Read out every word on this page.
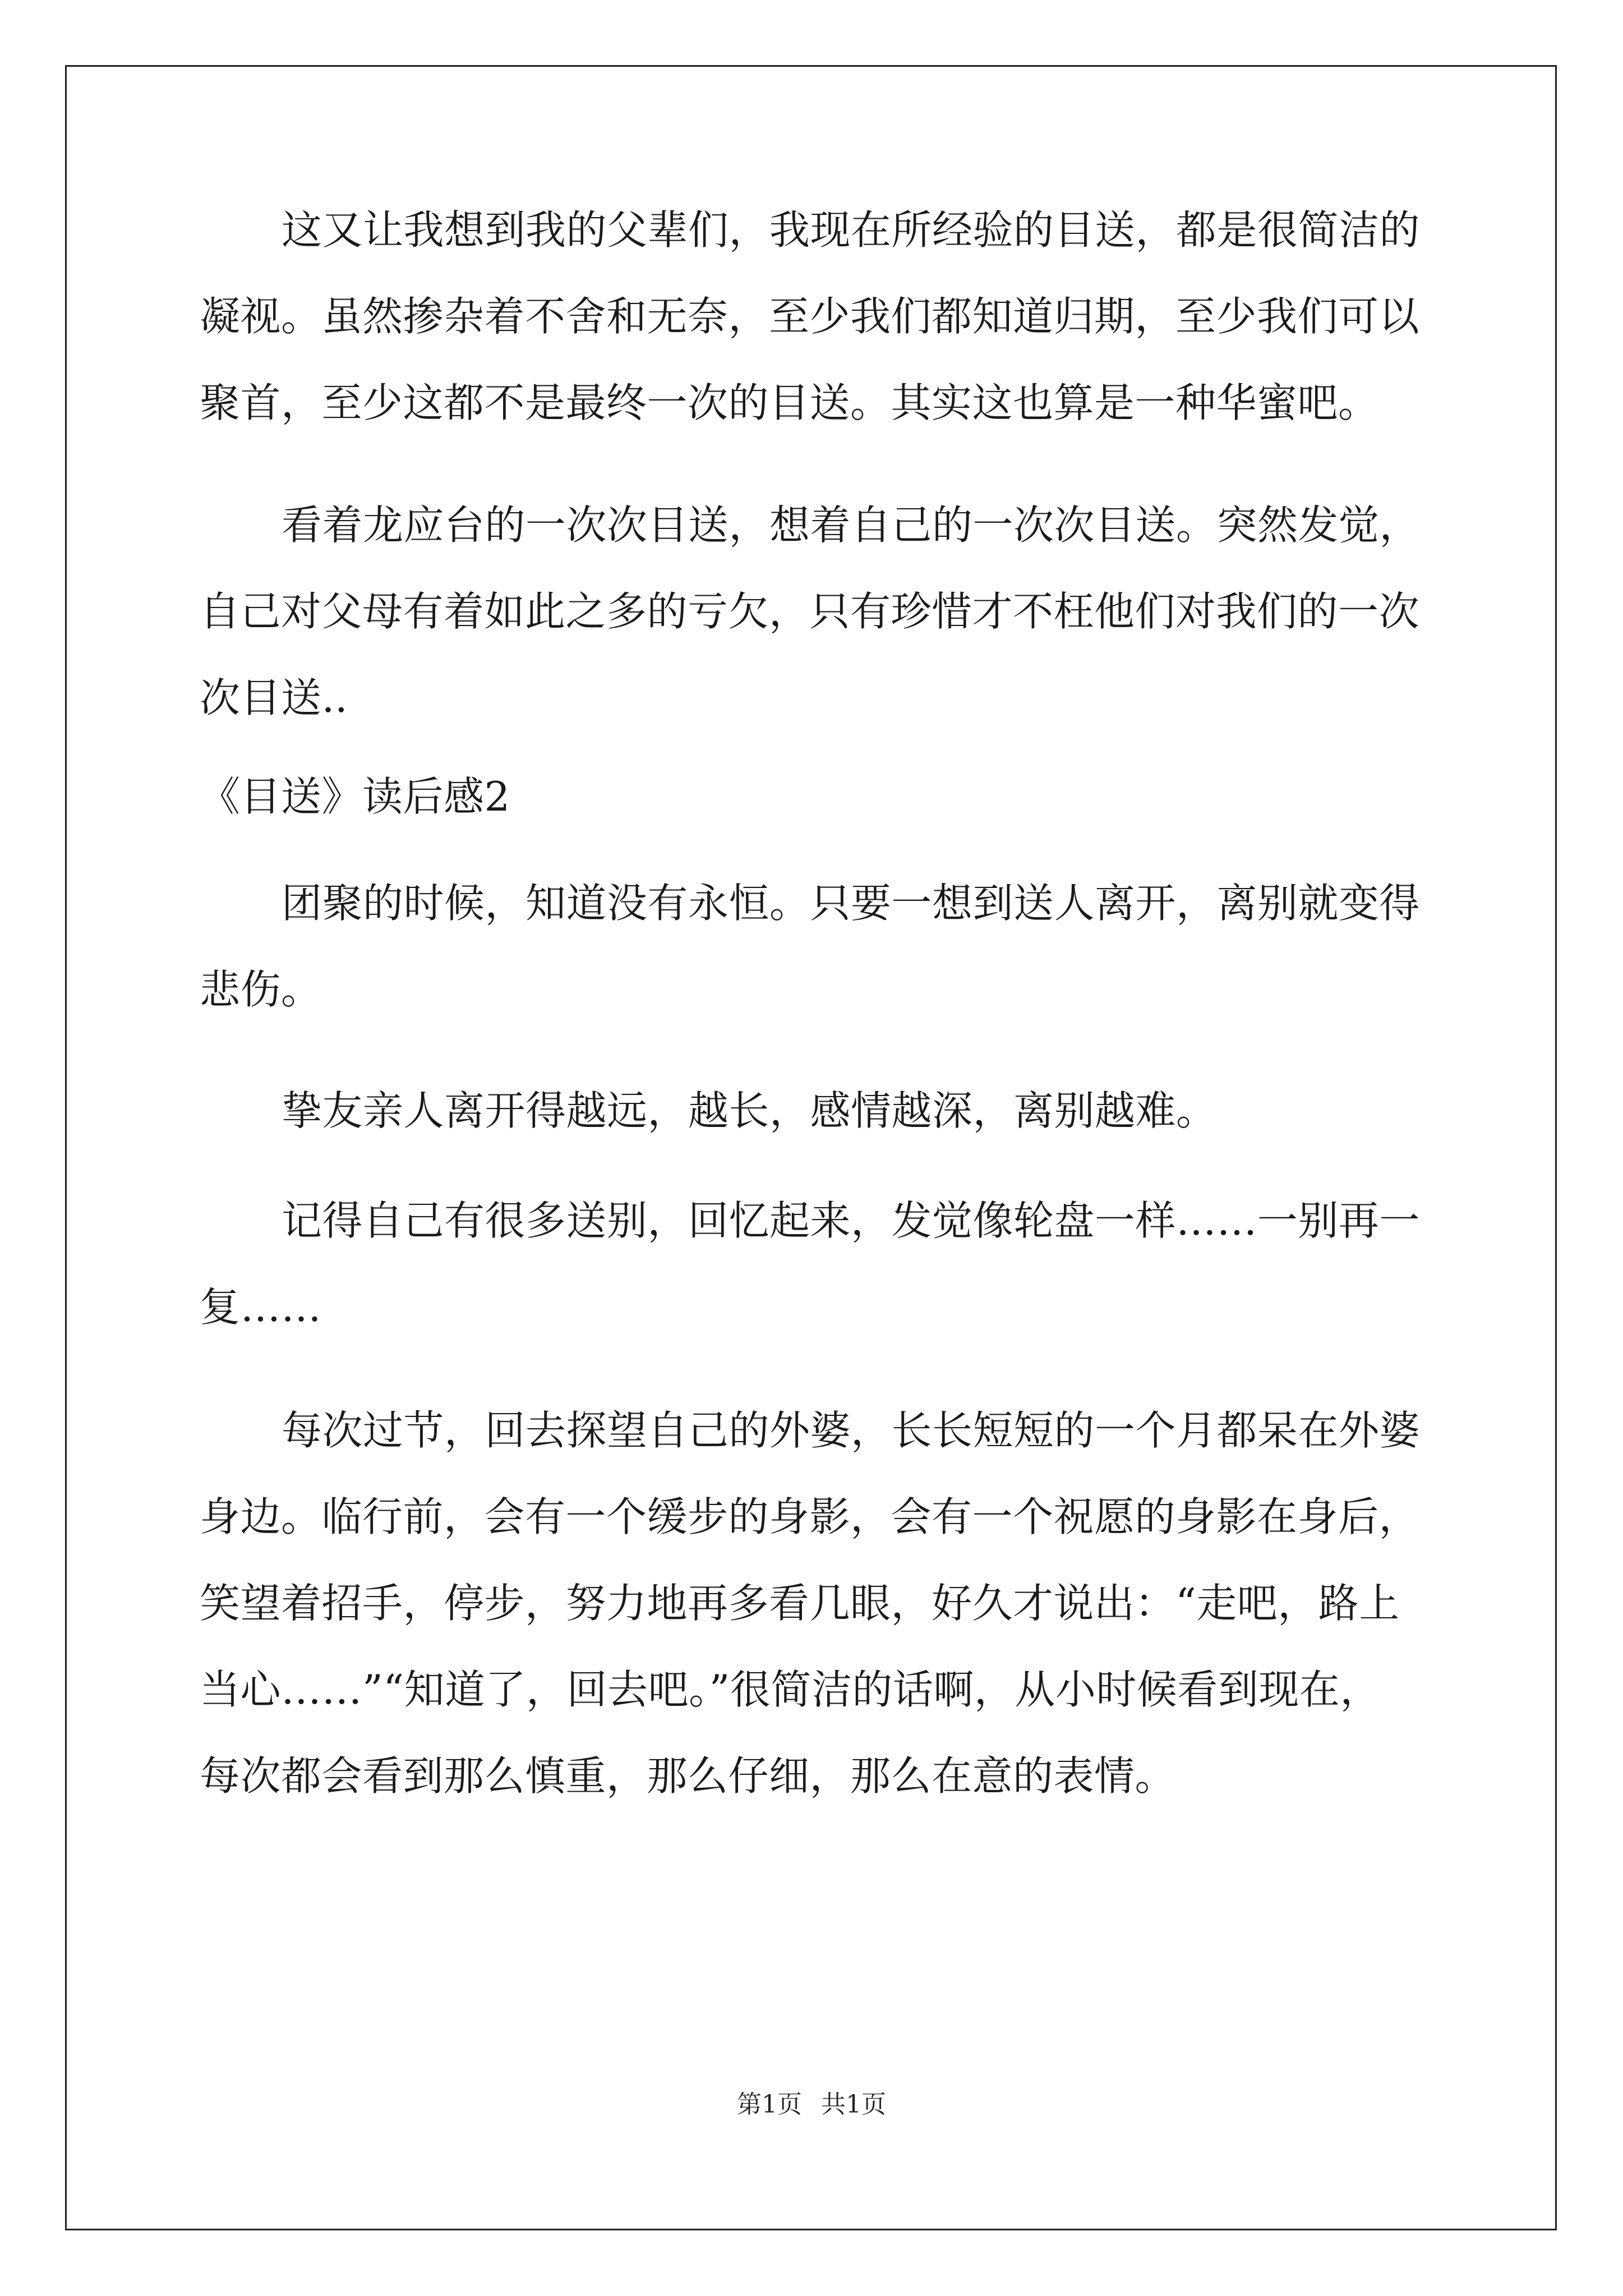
这又让我想到我的父辈们，我现在所经验的目送，都是很简洁的
凝视。虽然掺杂着不舍和无奈，至少我们都知道归期，至少我们可以
聚首，至少这都不是最终一次的目送。其实这也算是一种华蜜吧。
看着龙应台的一次次目送，想着自己的一次次目送。突然发觉，
自己对父母有着如此之多的亏欠，只有珍惜才不枉他们对我们的一次
次目送..
《目送》读后感2
团聚的时候，知道没有永恒。只要一想到送人离开，离别就变得
悲伤。
挚友亲人离开得越远，越长，感情越深，离别越难。
记得自己有很多送别，回忆起来，发觉像轮盘一样……一别再一
复……
每次过节，回去探望自己的外婆，长长短短的一个月都呆在外婆
身边。临行前，会有一个缓步的身影，会有一个祝愿的身影在身后，
笑望着招手，停步，努力地再多看几眼，好久才说出：“走吧，路上
当心……”“知道了，回去吧。”很简洁的话啊，从小时候看到现在，
每次都会看到那么慎重，那么仔细，那么在意的表情。
第1页 共1页
